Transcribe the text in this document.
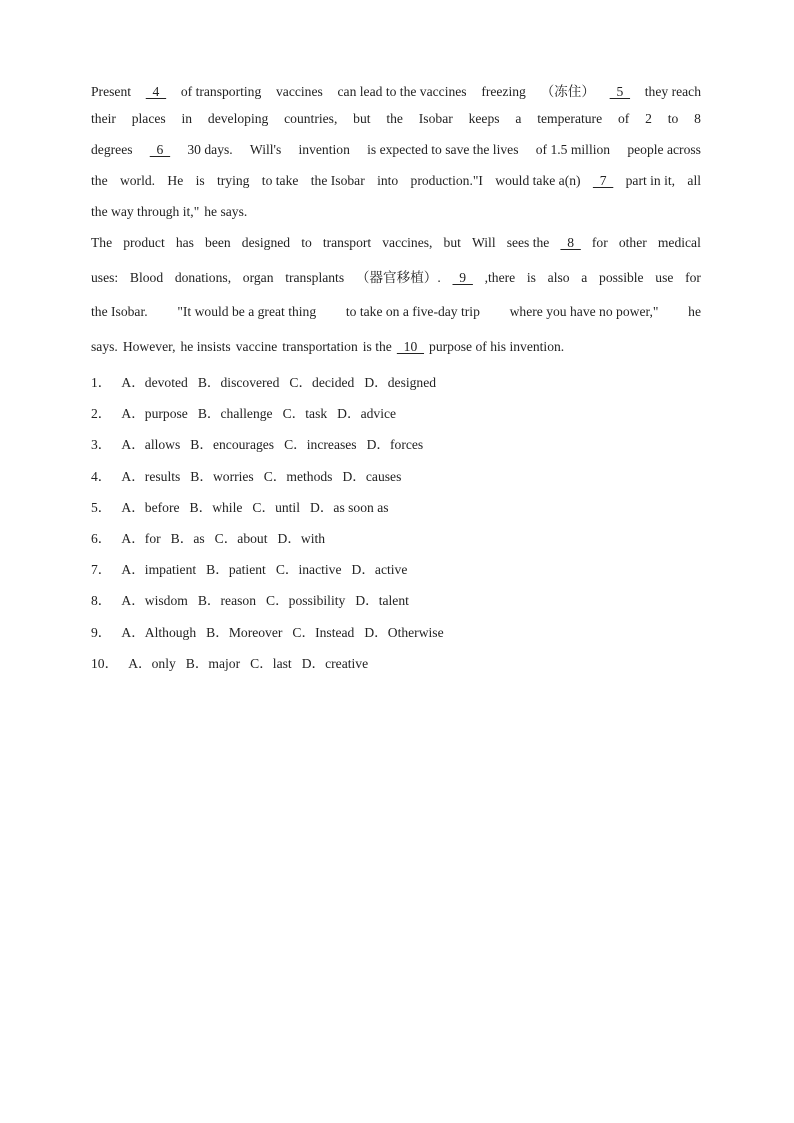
Present 4 of transporting vaccines can lead to the vaccines freezing （冻住） 5 they reach
their places in developing countries, but the Isobar keeps a temperature of 2 to 8
degrees 6 30 days. Will's invention is expected to save the lives of 1.5 million people across
the world. He is trying to take the Isobar into production."I would take a(n) 7 part in it, all
the way through it," he says.
The product has been designed to transport vaccines, but Will sees the 8 for other medical
uses: Blood donations, organ transplants （器官移植）. 9 ,there is also a possible use for
the Isobar. "It would be a great thing to take on a five-day trip where you have no power," he
says. However, he insists vaccine transportation is the 10 purpose of his invention.
1． A．devoted B．discovered C．decided D．designed
2． A．purpose B．challenge C．task D．advice
3． A．allows B．encourages C．increases D．forces
4． A．results B．worries C．methods D．causes
5． A．before B．while C．until D．as soon as
6． A．for B．as C．about D．with
7． A．impatient B．patient C．inactive D．active
8． A．wisdom B．reason C．possibility D．talent
9． A．Although B．Moreover C．Instead D．Otherwise
10． A．only B．major C．last D．creative
